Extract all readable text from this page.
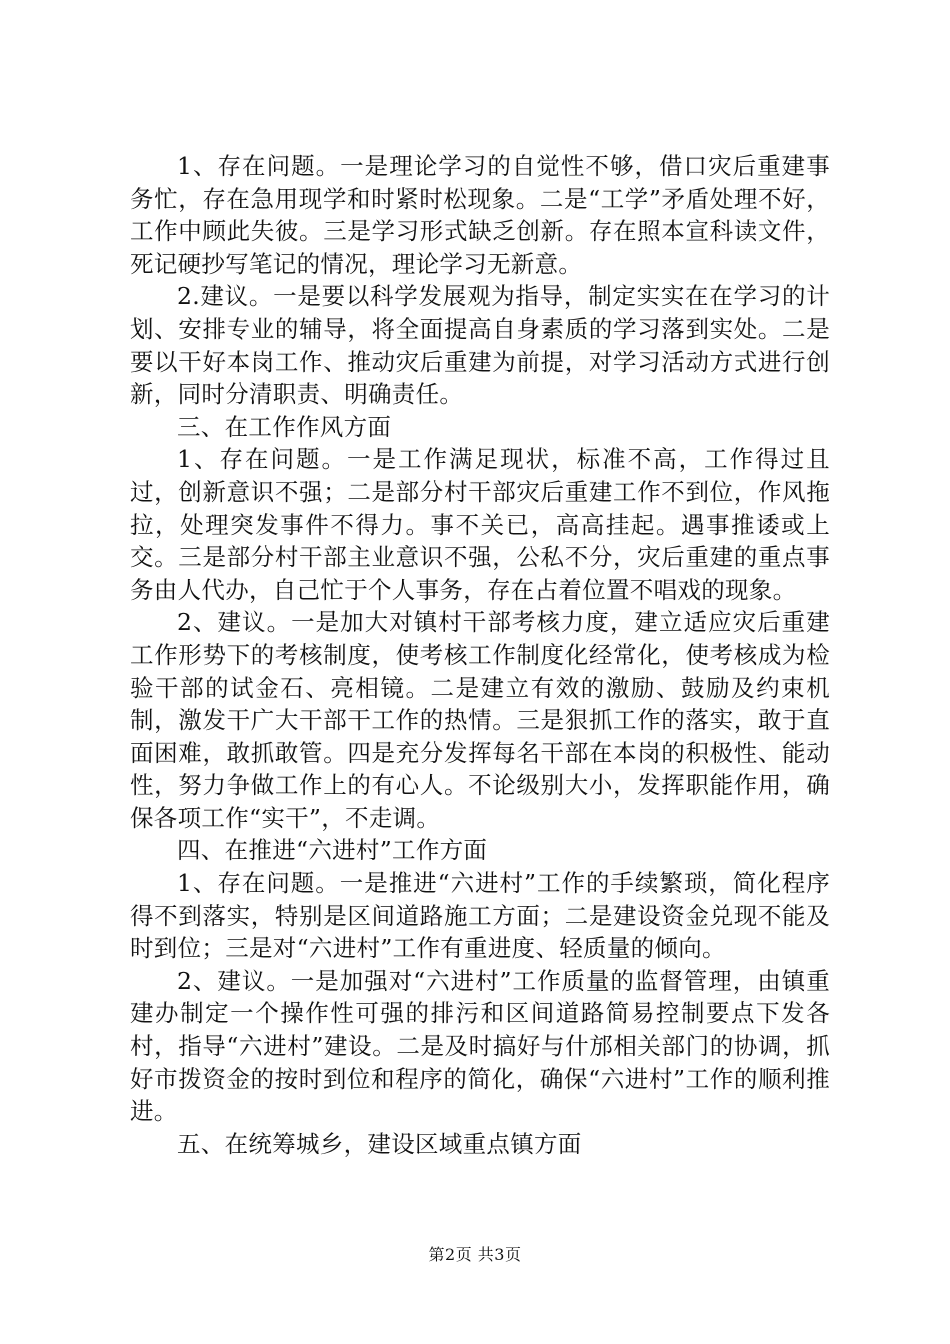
1、存在问题。一是理论学习的自觉性不够，借口灾后重建事务忙，存在急用现学和时紧时松现象。二是“工学”矛盾处理不好，工作中顾此失彼。三是学习形式缺乏创新。存在照本宣科读文件，死记硬抄写笔记的情况，理论学习无新意。

2.建议。一是要以科学发展观为指导，制定实实在在学习的计划、安排专业的辅导，将全面提高自身素质的学习落到实处。二是要以干好本岗工作、推动灾后重建为前提，对学习活动方式进行创新，同时分清职责、明确责任。

三、在工作作风方面

1、存在问题。一是工作满足现状，标准不高，工作得过且过，创新意识不强；二是部分村干部灾后重建工作不到位，作风拖拉，处理突发事件不得力。事不关已，高高挂起。遇事推诿或上交。三是部分村干部主业意识不强，公私不分，灾后重建的重点事务由人代办，自己忙于个人事务，存在占着位置不唱戏的现象。

2、建议。一是加大对镇村干部考核力度，建立适应灾后重建工作形势下的考核制度，使考核工作制度化经常化，使考核成为检验干部的试金石、亮相镜。二是建立有效的激励、鼓励及约束机制，激发干广大干部干工作的热情。三是狠抓工作的落实，敢于直面困难，敢抓敢管。四是充分发挥每名干部在本岗的积极性、能动性，努力争做工作上的有心人。不论级别大小，发挥职能作用，确保各项工作“实干”，不走调。

四、在推进“六进村”工作方面

1、存在问题。一是推进“六进村”工作的手续繁琐，简化程序得不到落实，特别是区间道路施工方面；二是建设资金兑现不能及时到位；三是对“六进村”工作有重进度、轻质量的倾向。

2、建议。一是加强对“六进村”工作质量的监督管理，由镇重建办制定一个操作性可强的排污和区间道路简易控制要点下发各村，指导“六进村”建设。二是及时搞好与什邡相关部门的协调，抓好市拨资金的按时到位和程序的简化，确保“六进村”工作的顺利推进。

五、在统筹城乡，建设区域重点镇方面

第2页 共3页
